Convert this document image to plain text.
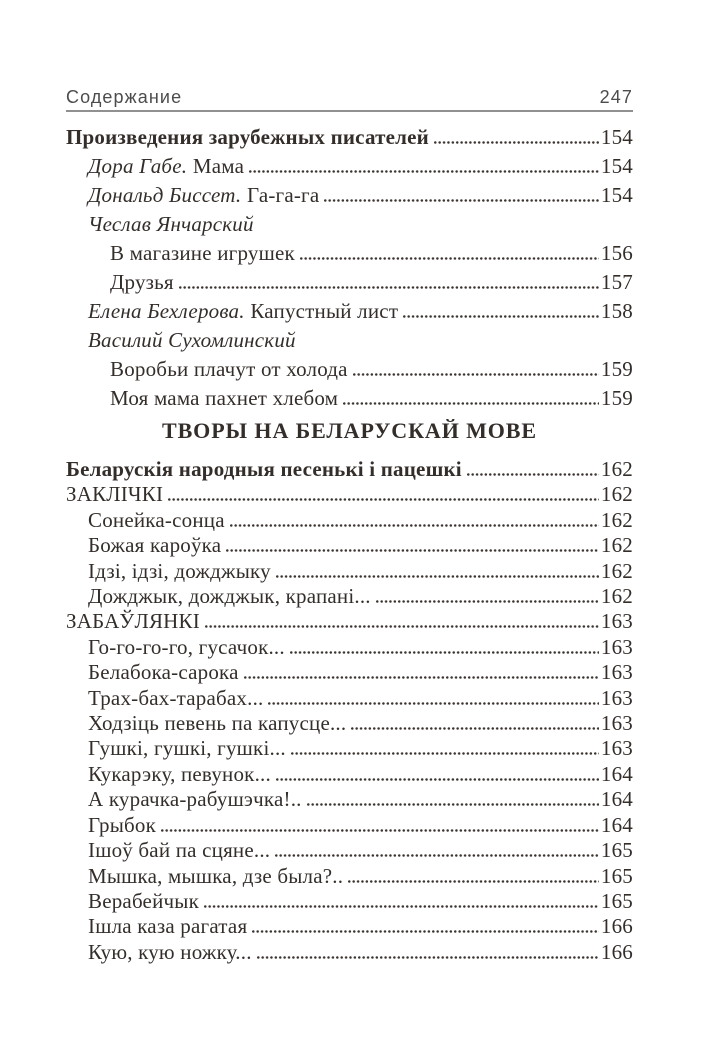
Содержание	247
Произведения зарубежных писателей	154
Дора Габе. Мама	154
Дональд Биссет. Га-га-га	154
Чеслав Янчарский
В магазине игрушек	156
Друзья	157
Елена Бехлерова. Капустный лист	158
Василий Сухомлинский
Воробьи плачут от холода	159
Моя мама пахнет хлебом	159
ТВОРЫ НА БЕЛАРУСКАЙ МОВЕ
Беларускія народныя песенькі і пацешкі	162
ЗАКЛІЧКІ	162
Сонейка-сонца	162
Божая кароўка	162
Ідзі, ідзі, дожджыку	162
Дожджык, дожджык, крапані...	162
ЗАБАЎЛЯНКІ	163
Го-го-го-го, гусачок...	163
Белабока-сарока	163
Трах-бах-тарабах...	163
Ходзіць певень па капусце...	163
Гушкі, гушкі, гушкі...	163
Кукарэку, певунок...	164
А курачка-рабушэчка!..	164
Грыбок	164
Ішоў бай па сцяне...	165
Мышка, мышка, дзе была?..	165
Верабейчык	165
Ішла каза рагатая	166
Кую, кую ножку...	166
